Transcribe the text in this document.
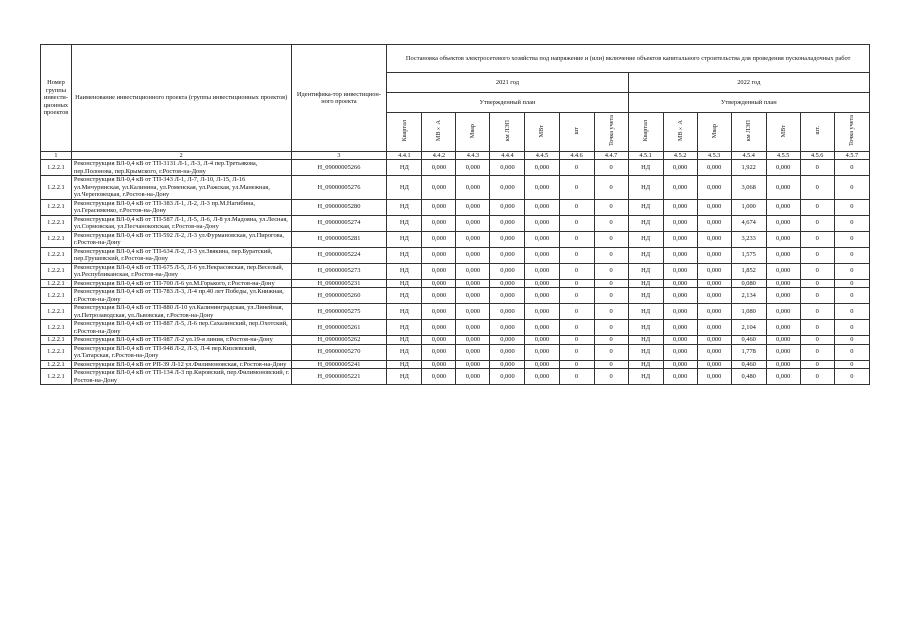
Номер группы инвести-ционных проектов	Наименование инвестиционного проекта (группы инвестиционных проектов)	Идентифика-тор инвестицион-ного проекта	Постановка объектов электросетевого хозяйства под напряжение и (или) включение объектов капитального строительства для проведения пусконаладочных работ													
			2021 год							2022 год						
			Утвержденный план							Утвержденный план						
			Квартал	МВ×А	Мвар	км ЛЭП	МВт	шт	Точка учета	Квартал	МВ×А	Мвар	км ЛЭП	МВт	шт.	Точка учета
1	2	3	4.4.1	4.4.2	4.4.3	4.4.4	4.4.5	4.4.6	4.4.7	4.5.1	4.5.2	4.5.3	4.5.4	4.5.5	4.5.6	4.5.7
1.2.2.1	Реконструкция ВЛ-0,4 кВ от ТП-3131 Л-1, Л-3, Л-4 пер.Третьякова, пер.Полонова, пер.Крымского, г.Ростов-на-Дону	Н_09000005266	НД	0,000	0,000	0,000	0,000	0	0	НД	0,000	0,000	1,922	0,000	0	0
1.2.2.1	Реконструкция ВЛ-0,4 кВ от ТП-343 Л-1, Л-7, Л-10, Л-15, Л-16 ул.Мичуринская, ул.Калинина, ул.Роменская, ул.Ражская, ул.Манежная, ул.Череповецкая, г.Ростов-на-Дону	Н_09000005276	НД	0,000	0,000	0,000	0,000	0	0	НД	0,000	0,000	3,068	0,000	0	0
1.2.2.1	Реконструкция ВЛ-0,4 кВ от ТП-383 Л-1, Л-2, Л-3 пр.М.Нагибина, ул.Герасименко, г.Ростов-на-Дону	Н_09000005280	НД	0,000	0,000	0,000	0,000	0	0	НД	0,000	0,000	1,000	0,000	0	0
1.2.2.1	Реконструкция ВЛ-0,4 кВ от ТП-587 Л-1, Л-5, Л-6, Л-8 ул.Мадояна, ул.Лесная, ул.Сормовская, ул.Песчанокопская, г.Ростов-на-Дону	Н_09000005274	НД	0,000	0,000	0,000	0,000	0	0	НД	0,000	0,000	4,674	0,000	0	0
1.2.2.1	Реконструкция ВЛ-0,4 кВ от ТП-592 Л-2, Л-3 ул.Фурмановская, ул.Пирогова, г.Ростов-на-Дону	Н_09000005281	НД	0,000	0,000	0,000	0,000	0	0	НД	0,000	0,000	3,233	0,000	0	0
1.2.2.1	Реконструкция ВЛ-0,4 кВ от ТП-634 Л-2, Л-3 ул.Звякина, пер.Буратский, пер.Грушевский, г.Ростов-на-Дону	Н_09000005224	НД	0,000	0,000	0,000	0,000	0	0	НД	0,000	0,000	1,575	0,000	0	0
1.2.2.1	Реконструкция ВЛ-0,4 кВ от ТП-675 Л-5, Л-6 ул.Некрасовская, пер.Веселый, ул.Республиканская, г.Ростов-на-Дону	Н_09000005273	НД	0,000	0,000	0,000	0,000	0	0	НД	0,000	0,000	1,852	0,000	0	0
1.2.2.1	Реконструкция ВЛ-0,4 кВ от ТП-700 Л-6 ул.М.Горького, г.Ростов-на-Дону	Н_09000005231	НД	0,000	0,000	0,000	0,000	0	0	НД	0,000	0,000	0,080	0,000	0	0
1.2.2.1	Реконструкция ВЛ-0,4 кВ от ТП-783 Л-3, Л-4 пр.40 лет Победы, ул.Книжная, г.Ростов-на-Дону	Н_09000005260	НД	0,000	0,000	0,000	0,000	0	0	НД	0,000	0,000	2,134	0,000	0	0
1.2.2.1	Реконструкция ВЛ-0,4 кВ от ТП-880 Л-10 ул.Калининградская, ул.Линейная, ул.Петрозаводская, ул.Львовская, г.Ростов-на-Дону	Н_09000005275	НД	0,000	0,000	0,000	0,000	0	0	НД	0,000	0,000	1,080	0,000	0	0
1.2.2.1	Реконструкция ВЛ-0,4 кВ от ТП-887 Л-5, Л-6 пер.Сахалинский, пер.Охотский, г.Ростов-на-Дону	Н_09000005261	НД	0,000	0,000	0,000	0,000	0	0	НД	0,000	0,000	2,104	0,000	0	0
1.2.2.1	Реконструкция ВЛ-0,4 кВ от ТП-987 Л-2 ул.19-я линия, г.Ростов-на-Дону	Н_09000005262	НД	0,000	0,000	0,000	0,000	0	0	НД	0,000	0,000	0,460	0,000	0	0
1.2.2.1	Реконструкция ВЛ-0,4 кВ от ТП-948 Л-2, Л-3, Л-4 пер.Кизлевский, ул.Татарская, г.Ростов-на-Дону	Н_09000005270	НД	0,000	0,000	0,000	0,000	0	0	НД	0,000	0,000	1,778	0,000	0	0
1.2.2.1	Реконструкция ВЛ-0,4 кВ от РП-39 Л-12 ул.Филимоновская, г.Ростов-на-Дону	Н_09000005241	НД	0,000	0,000	0,000	0,000	0	0	НД	0,000	0,000	0,460	0,000	0	0
1.2.2.1	Реконструкция ВЛ-0,4 кВ от ТП-134 Л-3 пр.Кировский, пер.Филимоновский, г. Ростов-на-Дону	Н_09000005221	НД	0,000	0,000	0,000	0,000	0	0	НД	0,000	0,000	0,480	0,000	0	0
